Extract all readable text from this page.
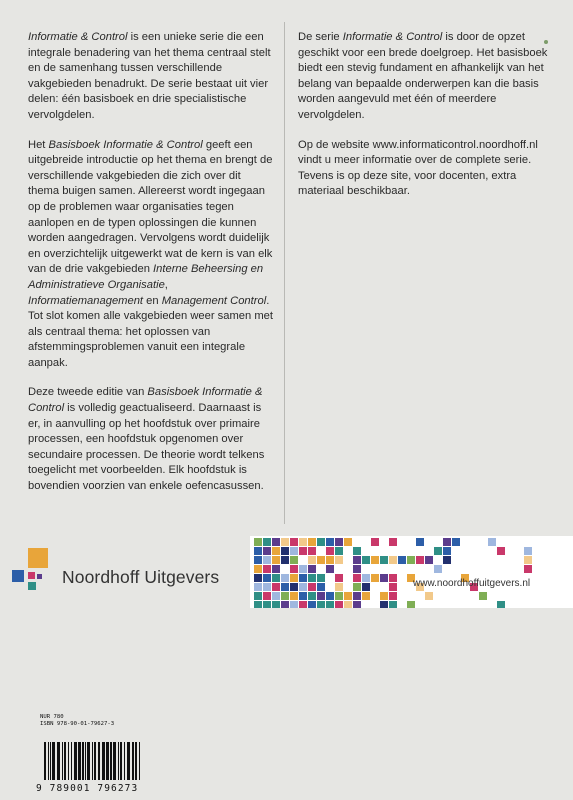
Informatie & Control is een unieke serie die een integrale benadering van het thema centraal stelt en de samenhang tussen verschillende vakgebieden benadrukt. De serie bestaat uit vier delen: één basisboek en drie specialistische vervolgdelen.

Het Basisboek Informatie & Control geeft een uitgebreide introductie op het thema en brengt de verschillende vakgebieden die zich over dit thema buigen samen. Allereerst wordt ingegaan op de problemen waar organisaties tegen aanlopen en de typen oplossingen die kunnen worden aangedragen. Vervolgens wordt duidelijk en overzichtelijk uitgewerkt wat de kern is van elk van de drie vakgebieden Interne Beheersing en Administratieve Organisatie, Informatiemanagement en Management Control. Tot slot komen alle vakgebieden weer samen met als centraal thema: het oplossen van afstemmingsproblemen vanuit een integrale aanpak.

Deze tweede editie van Basisboek Informatie & Control is volledig geactualiseerd. Daarnaast is er, in aanvulling op het hoofdstuk over primaire processen, een hoofdstuk opgenomen over secundaire processen. De theorie wordt telkens toegelicht met voorbeelden. Elk hoofdstuk is bovendien voorzien van enkele oefencasussen.

De serie Informatie & Control is door de opzet geschikt voor een brede doelgroep. Het basisboek biedt een stevig fundament en afhankelijk van het belang van bepaalde onderwerpen kan die basis worden aangevuld met één of meerdere vervolgdelen.

Op de website www.informaticontrol.noordhoff.nl vindt u meer informatie over de complete serie. Tevens is op deze site, voor docenten, extra materiaal beschikbaar.

Noordhoff Uitgevers	www.noordhoffuitgevers.nl
NUR 780
ISBN 978-90-01-79627-3
9 789001 796273
